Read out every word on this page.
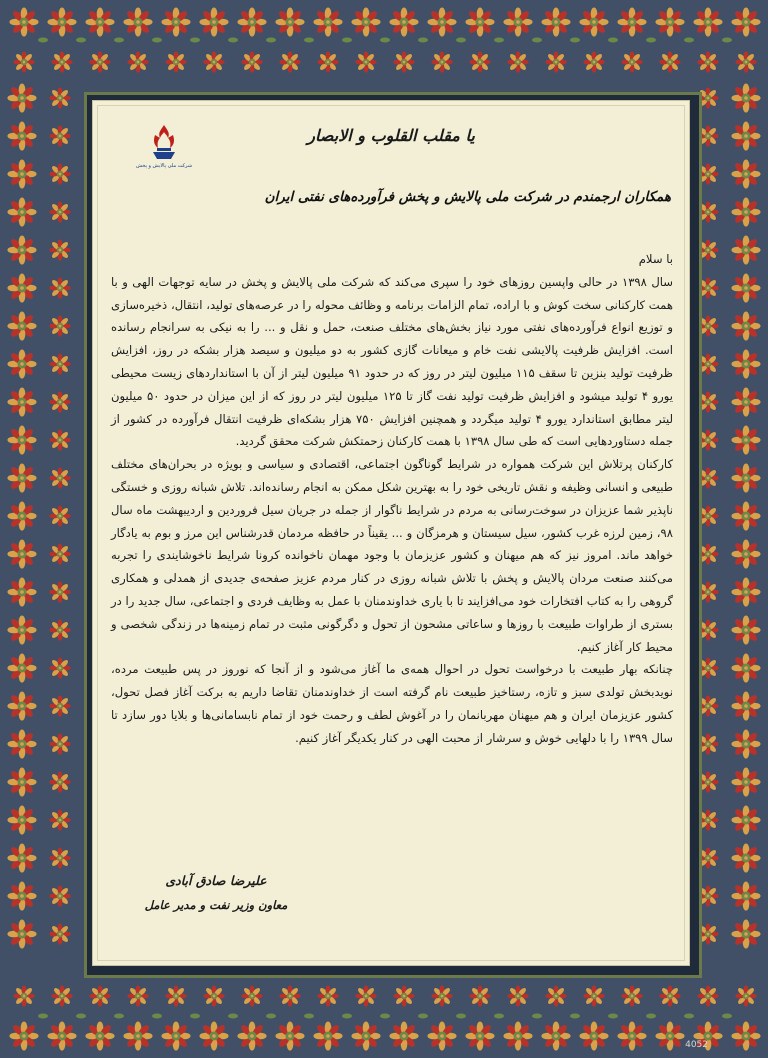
شرکت ملی پالایش و پخش
یا مقلب القلوب و الابصار
همکاران ارجمندم در شرکت ملی پالایش و پخش فرآورده‌های نفتی ایران

با سلام

سال ۱۳۹۸ در حالی واپسین روزهای خود را سپری می‌کند که شرکت ملی پالایش و پخش در سایه توجهات الهی و با همت کارکنانی سخت کوش و با اراده، تمام الزامات برنامه و وظائف محوله را در عرصه‌های تولید، انتقال، ذخیره‌سازی و توزیع انواع فرآورده‌های نفتی مورد نیاز بخش‌های مختلف صنعت، حمل و نقل و ... را به نیکی به سرانجام رسانده است. افزایش ظرفیت پالایشی نفت خام و میعانات گازی کشور به دو میلیون و سیصد هزار بشکه در روز، افزایش ظرفیت تولید بنزین تا سقف ۱۱۵ میلیون لیتر در روز که در حدود ۹۱ میلیون لیتر از آن با استانداردهای زیست محیطی یورو ۴ تولید میشود و افزایش ظرفیت تولید نفت گاز تا ۱۲۵ میلیون لیتر در روز که از این میزان در حدود ۵۰ میلیون لیتر مطابق استاندارد یورو ۴ تولید میگردد و همچنین افزایش ۷۵۰ هزار بشکه‌ای ظرفیت انتقال فرآورده در کشور از جمله دستاوردهایی است که طی سال ۱۳۹۸ با همت کارکنان زحمتکش شرکت محقق گردید.

کارکنان پرتلاش این شرکت همواره در شرایط گوناگون اجتماعی، اقتصادی و سیاسی و بویژه در بحران‌های مختلف طبیعی و انسانی وظیفه و نقش تاریخی خود را به بهترین شکل ممکن به انجام رسانده‌اند. تلاش شبانه روزی و خستگی ناپذیر شما عزیزان در سوخت‌رسانی به مردم در شرایط ناگوار از جمله در جریان سیل فروردین و اردیبهشت ماه سال ۹۸، زمین لرزه غرب کشور، سیل سیستان و هرمزگان و ... یقیناً در حافظه مردمان قدرشناس این مرز و بوم به یادگار خواهد ماند. امروز نیز که هم میهنان و کشور عزیزمان با وجود مهمان ناخوانده کرونا شرایط ناخوشایندی را تجربه می‌کنند صنعت مردان پالایش و پخش با تلاش شبانه روزی در کنار مردم عزیز صفحه‌ی جدیدی از همدلی و همکاری گروهی را به کتاب افتخارات خود می‌افزایند تا با یاری خداوندمنان با عمل به وظایف فردی و اجتماعی، سال جدید را در بستری از طراوات طبیعت با روزها و ساعاتی مشحون از تحول و دگرگونی مثبت در تمام زمینه‌ها در زندگی شخصی و محیط کار آغاز کنیم.

چنانکه بهار طبیعت با درخواست تحول در احوال همه‌ی ما آغاز می‌شود و از آنجا که نوروز در پس طبیعت مرده، نویدبخش تولدی سبز و تازه، رستاخیز طبیعت نام گرفته است از خداوندمنان تقاضا داریم به برکت آغاز فصل تحول، کشور عزیزمان ایران و هم میهنان مهربانمان را در آغوش لطف و رحمت خود از تمام نابسامانی‌ها و بلایا دور سازد تا سال ۱۳۹۹ را با دلهایی خوش و سرشار از محبت الهی در کنار یکدیگر آغاز کنیم.

علیرضا صادق آبادی
معاون وزیر نفت و مدیر عامل
4052
